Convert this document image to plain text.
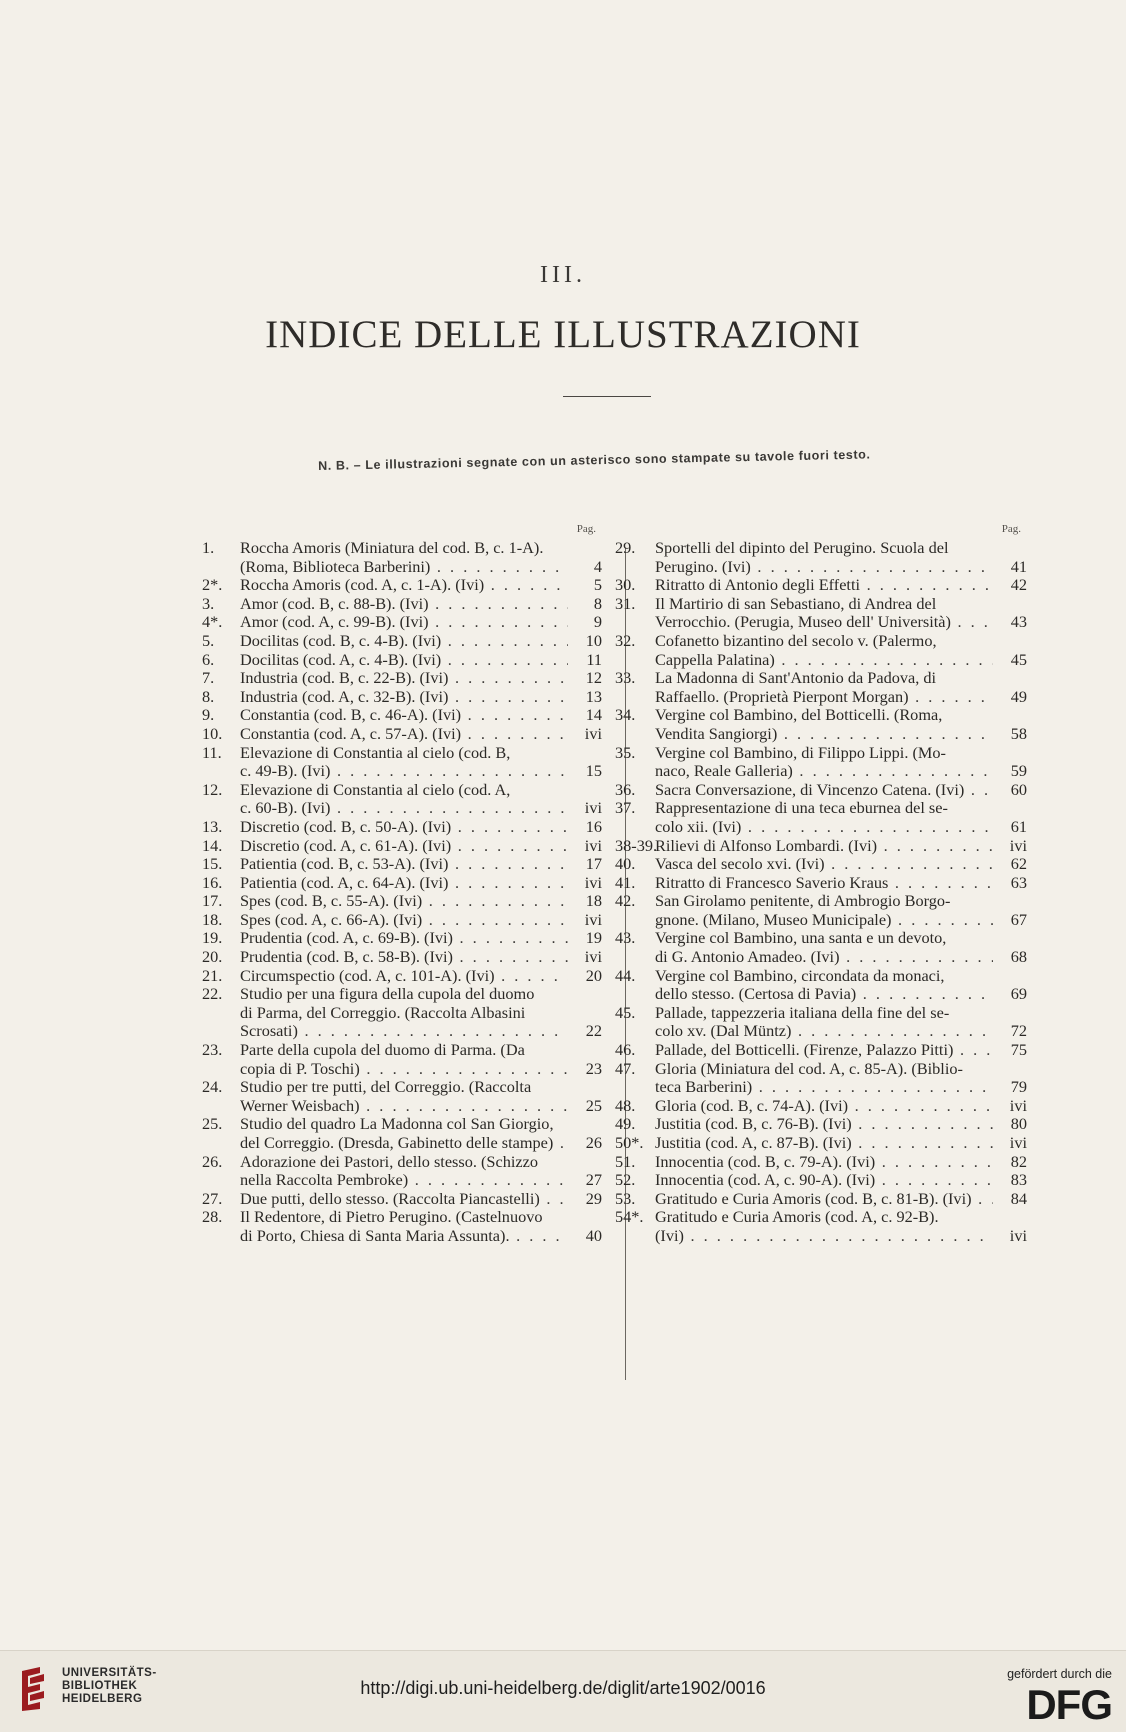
III.
INDICE DELLE ILLUSTRAZIONI
N. B. – Le illustrazioni segnate con un asterisco sono stampate su tavole fuori testo.
Pag.
1. Roccha Amoris (Miniatura del cod. B, c. 1-A).
(Roma, Biblioteca Barberini) . . .	4
2*. Roccha Amoris (cod. A, c. 1-A). (Ivi) . . .	5
3. Amor (cod. B, c. 88-B). (Ivi) . . .	8
4*. Amor (cod. A, c. 99-B). (Ivi) . . .	9
5. Docilitas (cod. B, c. 4-B). (Ivi) . . .	10
6. Docilitas (cod. A, c. 4-B). (Ivi) . . .	11
7. Industria (cod. B, c. 22-B). (Ivi) . . .	12
8. Industria (cod. A, c. 32-B). (Ivi) . . .	13
9. Constantia (cod. B, c. 46-A). (Ivi) . . .	14
10. Constantia (cod. A, c. 57-A). (Ivi) . . .	ivi
11. Elevazione di Constantia al cielo (cod. B,
c. 49-B). (Ivi) . . .	15
12. Elevazione di Constantia al cielo (cod. A,
c. 60-B). (Ivi) . . .	ivi
13. Discretio (cod. B, c. 50-A). (Ivi) . . .	16
14. Discretio (cod. A, c. 61-A). (Ivi) . . .	ivi
15. Patientia (cod. B, c. 53-A). (Ivi) . . .	17
16. Patientia (cod. A, c. 64-A). (Ivi) . . .	ivi
17. Spes (cod. B, c. 55-A). (Ivi) . . .	18
18. Spes (cod. A, c. 66-A). (Ivi) . . .	ivi
19. Prudentia (cod. A, c. 69-B). (Ivi) . . .	19
20. Prudentia (cod. B, c. 58-B). (Ivi) . . .	ivi
21. Circumspectio (cod. A, c. 101-A). (Ivi) . . .	20
22. Studio per una figura della cupola del duomo
di Parma, del Correggio. (Raccolta Albasini
Scrosati) . . .	22
23. Parte della cupola del duomo di Parma. (Da
copia di P. Toschi) . . .	23
24. Studio per tre putti, del Correggio. (Raccolta
Werner Weisbach) . . .	25
25. Studio del quadro La Madonna col San Giorgio,
del Correggio. (Dresda, Gabinetto delle stampe) . . .	26
26. Adorazione dei Pastori, dello stesso. (Schizzo
nella Raccolta Pembroke) . . .	27
27. Due putti, dello stesso. (Raccolta Piancastelli) . . .	29
28. Il Redentore, di Pietro Perugino. (Castelnuovo
di Porto, Chiesa di Santa Maria Assunta). . . .	40
Pag.
29. Sportelli del dipinto del Perugino. Scuola del
Perugino. (Ivi) . . .	41
30. Ritratto di Antonio degli Effetti . . .	42
31. Il Martirio di san Sebastiano, di Andrea del
Verrocchio. (Perugia, Museo dell' Università) . . .	43
32. Cofanetto bizantino del secolo v. (Palermo,
Cappella Palatina) . . .	45
33. La Madonna di Sant'Antonio da Padova, di
Raffaello. (Proprietà Pierpont Morgan) . . .	49
34. Vergine col Bambino, del Botticelli. (Roma,
Vendita Sangiorgi) . . .	58
35. Vergine col Bambino, di Filippo Lippi. (Mo-
naco, Reale Galleria) . . .	59
36. Sacra Conversazione, di Vincenzo Catena. (Ivi) . . .	60
37. Rappresentazione di una teca eburnea del se-
colo xii. (Ivi) . . .	61
38-39.
Rilievi di Alfonso Lombardi. (Ivi) . . .	ivi
40. Vasca del secolo xvi. (Ivi) . . .	62
41. Ritratto di Francesco Saverio Kraus . . .	63
42. San Girolamo penitente, di Ambrogio Borgo-
gnone. (Milano, Museo Municipale) . . .	67
43. Vergine col Bambino, una santa e un devoto,
di G. Antonio Amadeo. (Ivi) . . .	68
44. Vergine col Bambino, circondata da monaci,
dello stesso. (Certosa di Pavia) . . .	69
45. Pallade, tappezzeria italiana della fine del se-
colo xv. (Dal Müntz) . . .	72
46. Pallade, del Botticelli. (Firenze, Palazzo Pitti) . . .	75
47. Gloria (Miniatura del cod. A, c. 85-A). (Biblio-
teca Barberini) . . .	79
48. Gloria (cod. B, c. 74-A). (Ivi) . . .	ivi
49. Justitia (cod. B, c. 76-B). (Ivi) . . .	80
50*. Justitia (cod. A, c. 87-B). (Ivi) . . .	ivi
51. Innocentia (cod. B, c. 79-A). (Ivi) . . .	82
52. Innocentia (cod. A, c. 90-A). (Ivi) . . .	83
53. Gratitudo e Curia Amoris (cod. B, c. 81-B). (Ivi) . . .	84
54*. Gratitudo e Curia Amoris (cod. A, c. 92-B).
(Ivi) . . .	ivi
UNIVERSITÄTS-
BIBLIOTHEK
HEIDELBERG
http://digi.ub.uni-heidelberg.de/diglit/arte1902/0016
gefördert durch die
DFG
